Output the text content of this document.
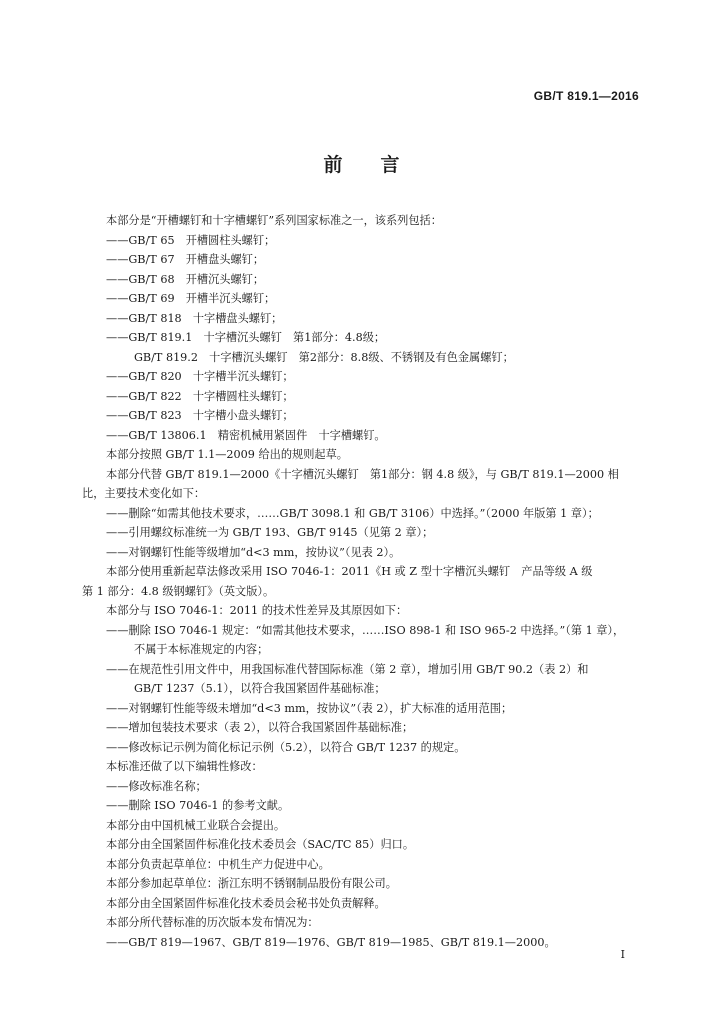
GB/T 819.1—2016
前言
本部分是“开槽螺钉和十字槽螺钉”系列国家标准之一，该系列包括：
——GB/T 65　开槽圆柱头螺钉；
——GB/T 67　开槽盘头螺钉；
——GB/T 68　开槽沉头螺钉；
——GB/T 69　开槽半沉头螺钉；
——GB/T 818　十字槽盘头螺钉；
——GB/T 819.1　十字槽沉头螺钉　第1部分：4.8级；
GB/T 819.2　十字槽沉头螺钉　第2部分：8.8级、不锈钢及有色金属螺钉；
——GB/T 820　十字槽半沉头螺钉；
——GB/T 822　十字槽圆柱头螺钉；
——GB/T 823　十字槽小盘头螺钉；
——GB/T 13806.1　精密机械用紧固件　十字槽螺钉。
本部分按照 GB/T 1.1—2009 给出的规则起草。
本部分代替 GB/T 819.1—2000《十字槽沉头螺钉　第1部分：钢 4.8 级》，与 GB/T 819.1—2000 相
比，主要技术变化如下：
——删除“如需其他技术要求，……GB/T 3098.1 和 GB/T 3106）中选择。”（2000 年版第 1 章）；
——引用螺纹标准统一为 GB/T 193、GB/T 9145（见第 2 章）；
——对钢螺钉性能等级增加“d<3 mm，按协议”（见表 2）。
本部分使用重新起草法修改采用 ISO 7046-1：2011《H 或 Z 型十字槽沉头螺钉　产品等级 A 级
第 1 部分：4.8 级钢螺钉》（英文版）。
本部分与 ISO 7046-1：2011 的技术性差异及其原因如下：
——删除 ISO 7046-1 规定：“如需其他技术要求，……ISO 898-1 和 ISO 965-2 中选择。”（第 1 章），
不属于本标准规定的内容；
——在规范性引用文件中，用我国标准代替国际标准（第 2 章），增加引用 GB/T 90.2（表 2）和
GB/T 1237（5.1），以符合我国紧固件基础标准；
——对钢螺钉性能等级未增加“d<3 mm，按协议”（表 2），扩大标准的适用范围；
——增加包装技术要求（表 2），以符合我国紧固件基础标准；
——修改标记示例为简化标记示例（5.2），以符合 GB/T 1237 的规定。
本标准还做了以下编辑性修改：
——修改标准名称；
——删除 ISO 7046-1 的参考文献。
本部分由中国机械工业联合会提出。
本部分由全国紧固件标准化技术委员会（SAC/TC 85）归口。
本部分负责起草单位：中机生产力促进中心。
本部分参加起草单位：浙江东明不锈钢制品股份有限公司。
本部分由全国紧固件标准化技术委员会秘书处负责解释。
本部分所代替标准的历次版本发布情况为：
——GB/T 819—1967、GB/T 819—1976、GB/T 819—1985、GB/T 819.1—2000。
I
